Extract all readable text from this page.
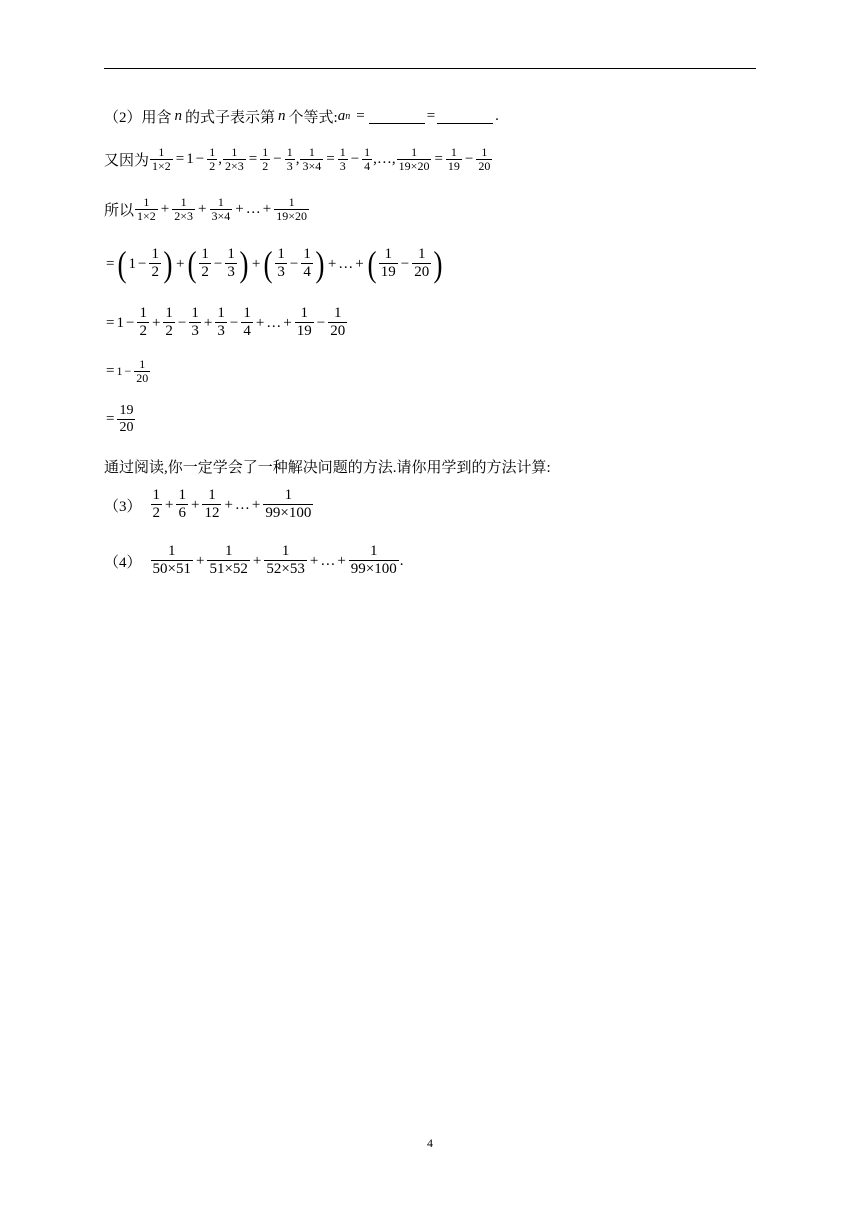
（2） 用含 n 的式子表示第 n 个等式: a n =	=	.
又因为 $\frac{1}{1\times 2} = 1 - \frac{1}{2}$ , $\frac{1}{2\times 3} = \frac{1}{2} - \frac{1}{3}$ , $\frac{1}{3\times 4} = \frac{1}{3} - \frac{1}{4}$ ,…, $\frac{1}{19\times 20} = \frac{1}{19} - \frac{1}{20}$
所以 $\frac{1}{1\times 2} + \frac{1}{2\times 3} + \frac{1}{3\times 4}$ + … + $\frac{1}{19\times 20}$
= ( $1 - \frac{1}{2}$
) + ( $\frac{1}{2} - \frac{1}{3}$
) + ( $\frac{1}{3} - \frac{1}{4}$
) + … + ( $\frac{1}{19} - \frac{1}{20}$
)
= $1 - \frac{1}{2} + \frac{1}{2} - \frac{1}{3} + \frac{1}{3} - \frac{1}{4}$ + … + $\frac{1}{19} - \frac{1}{20}$
= $1 - \frac{1}{20}$
= $\frac{19}{20}$
通过阅读,你一定学会了一种解决问题的方法.请你用学到的方法计算:
$(3) \frac{1}{2} + \frac{1}{6} + \frac{1}{12}$ + … + $\frac{1}{99\times 100}$
$(4) \frac{1}{50\times 51} + \frac{1}{51\times 52} + \frac{1}{52\times 53}$ + … + $\frac{1}{99\times 100}$ .
4
